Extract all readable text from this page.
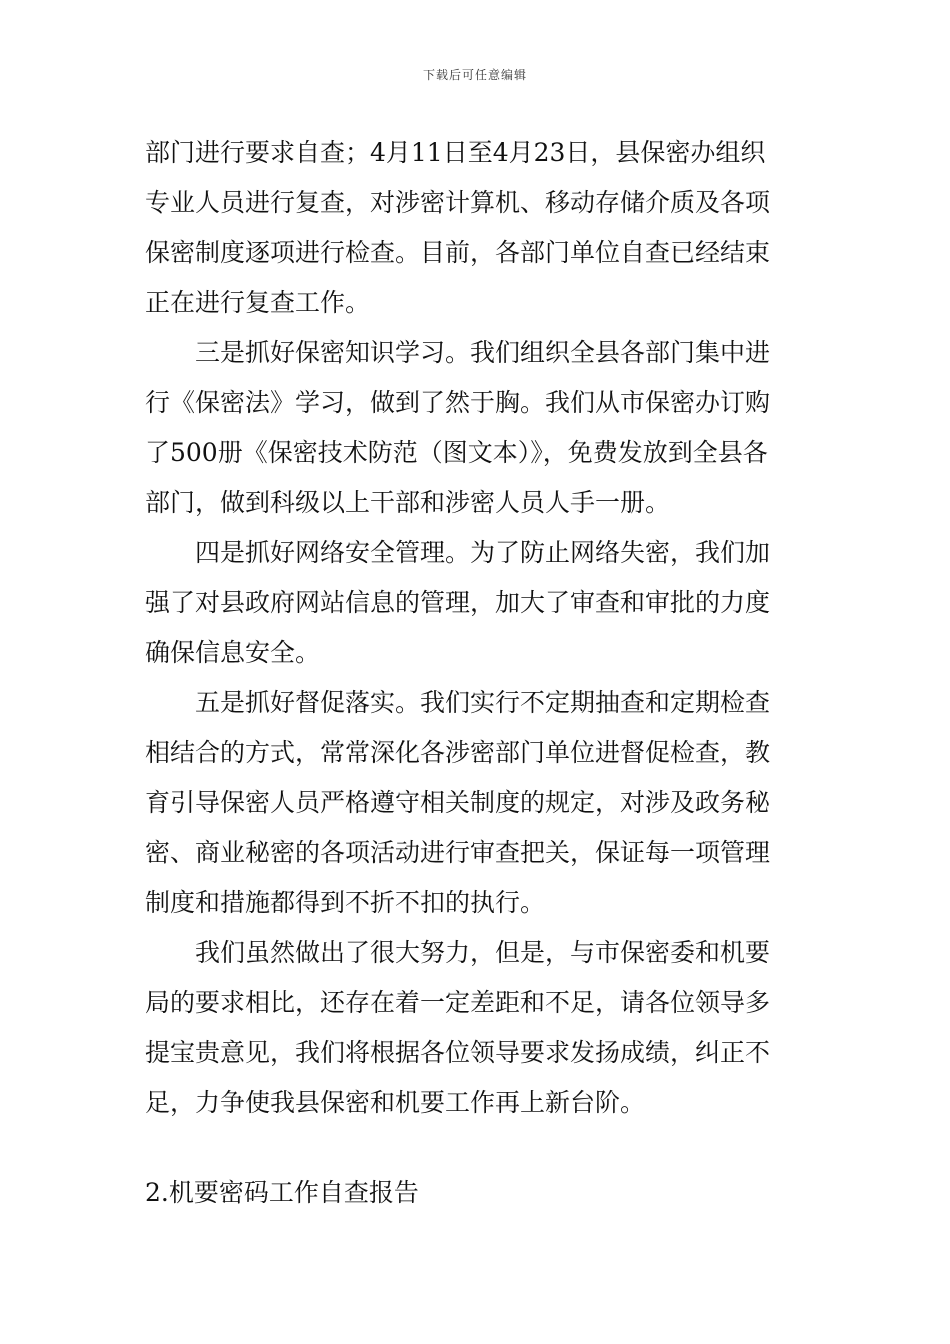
下载后可任意编辑
部门进行要求自查；4月11日至4月23日，县保密办组织
专业人员进行复查，对涉密计算机、移动存储介质及各项
保密制度逐项进行检查。目前，各部门单位自查已经结束
正在进行复查工作。
三是抓好保密知识学习。我们组织全县各部门集中进
行《保密法》学习，做到了然于胸。我们从市保密办订购
了500册《保密技术防范（图文本）》，免费发放到全县各
部门，做到科级以上干部和涉密人员人手一册。
四是抓好网络安全管理。为了防止网络失密，我们加
强了对县政府网站信息的管理，加大了审查和审批的力度
确保信息安全。
五是抓好督促落实。我们实行不定期抽查和定期检查
相结合的方式，常常深化各涉密部门单位进督促检查，教
育引导保密人员严格遵守相关制度的规定，对涉及政务秘
密、商业秘密的各项活动进行审查把关，保证每一项管理
制度和措施都得到不折不扣的执行。
我们虽然做出了很大努力，但是，与市保密委和机要
局的要求相比，还存在着一定差距和不足，请各位领导多
提宝贵意见，我们将根据各位领导要求发扬成绩，纠正不
足，力争使我县保密和机要工作再上新台阶。
2.机要密码工作自查报告
